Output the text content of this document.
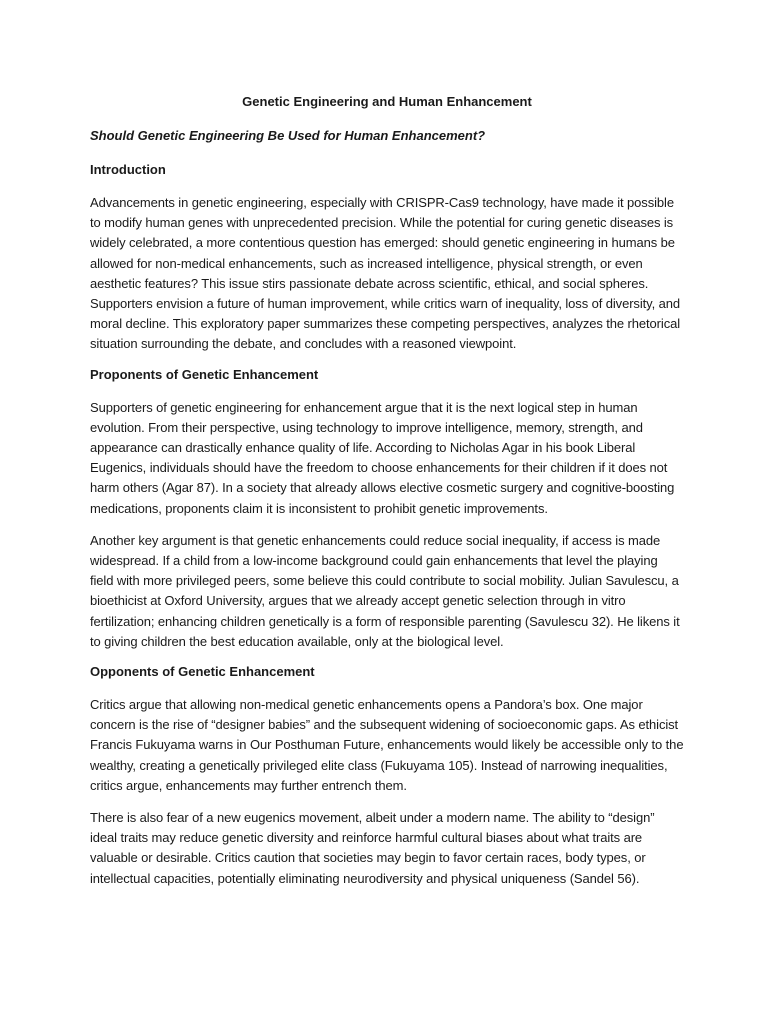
Genetic Engineering and Human Enhancement
Should Genetic Engineering Be Used for Human Enhancement?
Introduction

Advancements in genetic engineering, especially with CRISPR-Cas9 technology, have made it possible to modify human genes with unprecedented precision. While the potential for curing genetic diseases is widely celebrated, a more contentious question has emerged: should genetic engineering in humans be allowed for non-medical enhancements, such as increased intelligence, physical strength, or even aesthetic features? This issue stirs passionate debate across scientific, ethical, and social spheres. Supporters envision a future of human improvement, while critics warn of inequality, loss of diversity, and moral decline. This exploratory paper summarizes these competing perspectives, analyzes the rhetorical situation surrounding the debate, and concludes with a reasoned viewpoint.

Proponents of Genetic Enhancement

Supporters of genetic engineering for enhancement argue that it is the next logical step in human evolution. From their perspective, using technology to improve intelligence, memory, strength, and appearance can drastically enhance quality of life. According to Nicholas Agar in his book Liberal Eugenics, individuals should have the freedom to choose enhancements for their children if it does not harm others (Agar 87). In a society that already allows elective cosmetic surgery and cognitive-boosting medications, proponents claim it is inconsistent to prohibit genetic improvements.

Another key argument is that genetic enhancements could reduce social inequality, if access is made widespread. If a child from a low-income background could gain enhancements that level the playing field with more privileged peers, some believe this could contribute to social mobility. Julian Savulescu, a bioethicist at Oxford University, argues that we already accept genetic selection through in vitro fertilization; enhancing children genetically is a form of responsible parenting (Savulescu 32). He likens it to giving children the best education available, only at the biological level.

Opponents of Genetic Enhancement

Critics argue that allowing non-medical genetic enhancements opens a Pandora’s box. One major concern is the rise of “designer babies” and the subsequent widening of socioeconomic gaps. As ethicist Francis Fukuyama warns in Our Posthuman Future, enhancements would likely be accessible only to the wealthy, creating a genetically privileged elite class (Fukuyama 105). Instead of narrowing inequalities, critics argue, enhancements may further entrench them.

There is also fear of a new eugenics movement, albeit under a modern name. The ability to “design” ideal traits may reduce genetic diversity and reinforce harmful cultural biases about what traits are valuable or desirable. Critics caution that societies may begin to favor certain races, body types, or intellectual capacities, potentially eliminating neurodiversity and physical uniqueness (Sandel 56).
